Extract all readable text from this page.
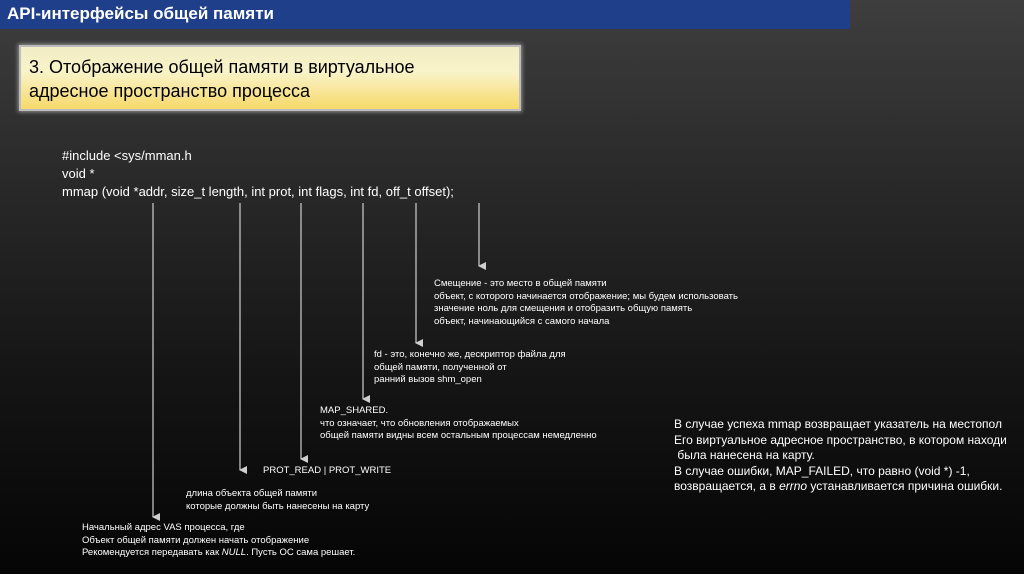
API-интерфейсы общей памяти
3. Отображение общей памяти в виртуальное
адресное пространство процесса
#include <sys/mman.h
void *
mmap (void *addr, size_t length, int prot, int flags, int fd, off_t offset);
Смещение - это место в общей памяти
объект, с которого начинается отображение; мы будем использовать
значение ноль для смещения и отобразить общую память
объект, начинающийся с самого начала
fd - это, конечно же, дескриптор файла для
общей памяти, полученной от
ранний вызов shm_open
MAP_SHARED.
что означает, что обновления отображаемых
общей памяти видны всем остальным процессам немедленно
PROT_READ | PROT_WRITE
длина объекта общей памяти
которые должны быть нанесены на карту
Начальный адрес VAS процесса, где
Объект общей памяти должен начать отображение
Рекомендуется передавать как NULL. Пусть ОС сама решает.
В случае успеха mmap возвращает указатель на местопол
Его виртуальное адресное пространство, в котором находи
была нанесена на карту.
В случае ошибки, MAP_FAILED, что равно (void *) -1,
возвращается, а в errno устанавливается причина ошибки.
